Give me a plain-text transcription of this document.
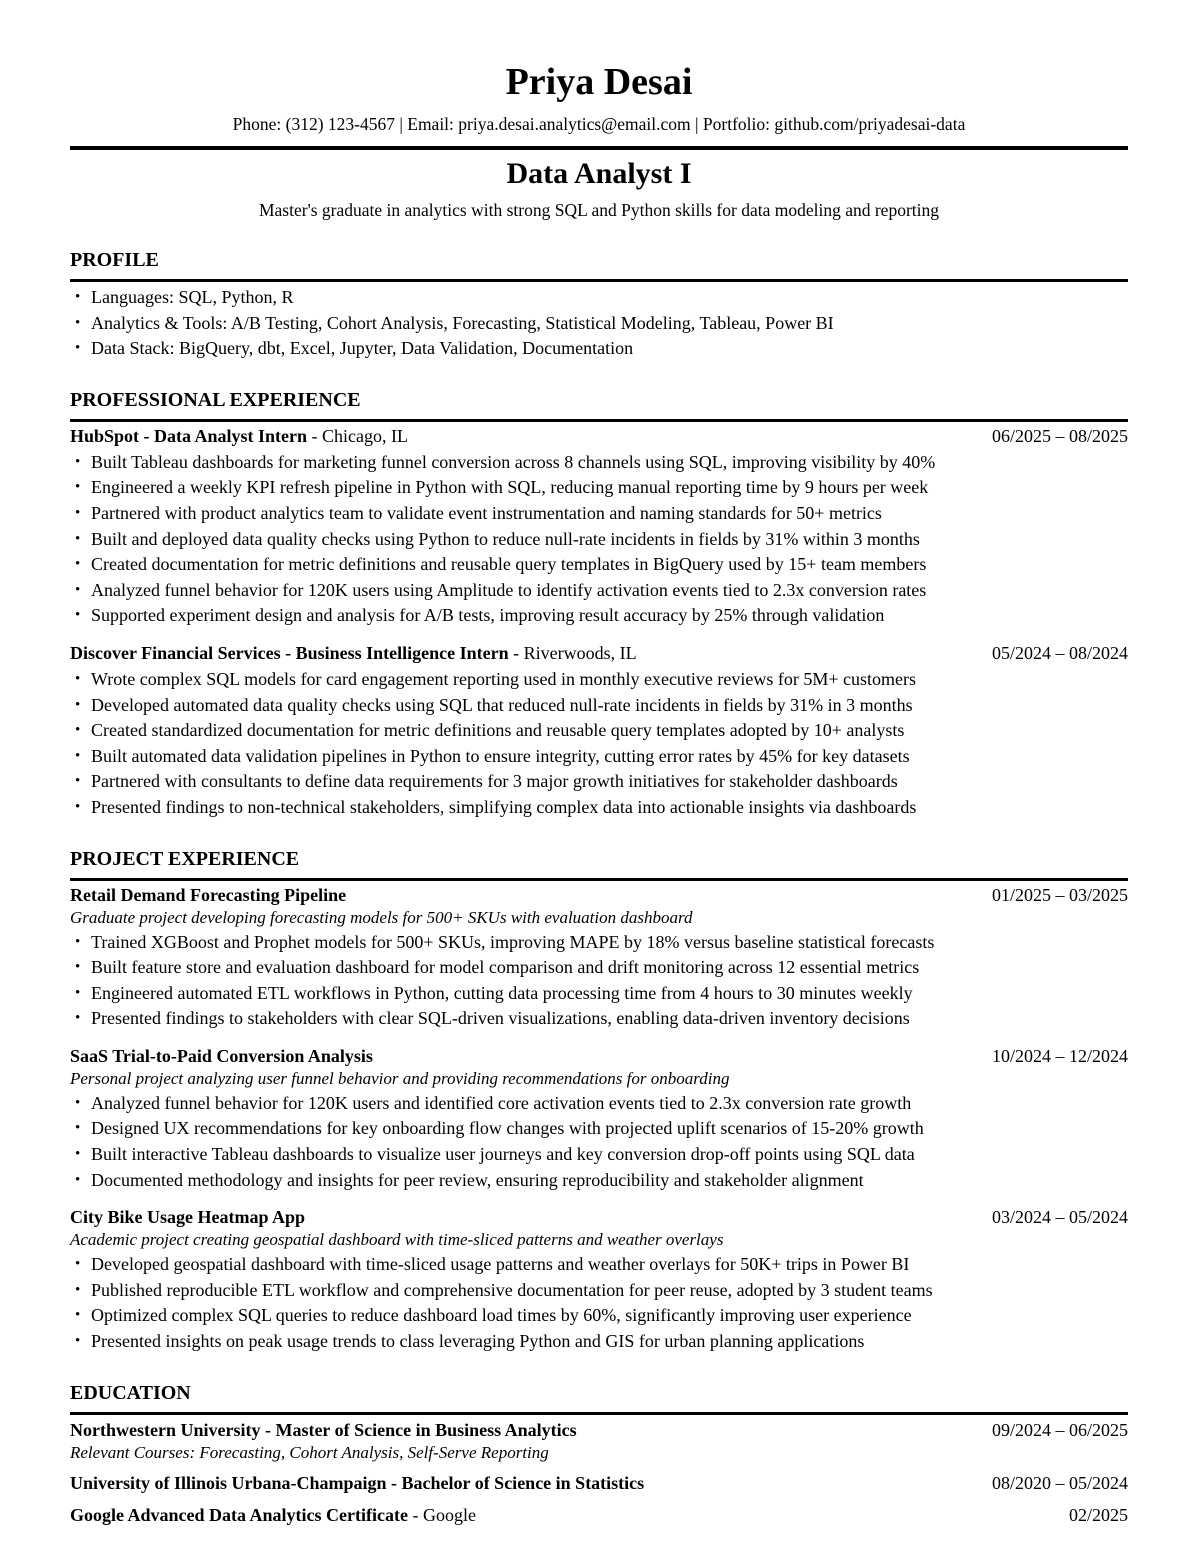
Priya Desai
Phone: (312) 123-4567 | Email: priya.desai.analytics@email.com | Portfolio: github.com/priyadesai-data
Data Analyst I
Master's graduate in analytics with strong SQL and Python skills for data modeling and reporting
PROFILE
• Languages: SQL, Python, R
• Analytics & Tools: A/B Testing, Cohort Analysis, Forecasting, Statistical Modeling, Tableau, Power BI
• Data Stack: BigQuery, dbt, Excel, Jupyter, Data Validation, Documentation
PROFESSIONAL EXPERIENCE
HubSpot - Data Analyst Intern - Chicago, IL	06/2025 – 08/2025
• Built Tableau dashboards for marketing funnel conversion across 8 channels using SQL, improving visibility by 40%
• Engineered a weekly KPI refresh pipeline in Python with SQL, reducing manual reporting time by 9 hours per week
• Partnered with product analytics team to validate event instrumentation and naming standards for 50+ metrics
• Built and deployed data quality checks using Python to reduce null-rate incidents in fields by 31% within 3 months
• Created documentation for metric definitions and reusable query templates in BigQuery used by 15+ team members
• Analyzed funnel behavior for 120K users using Amplitude to identify activation events tied to 2.3x conversion rates
• Supported experiment design and analysis for A/B tests, improving result accuracy by 25% through validation
Discover Financial Services - Business Intelligence Intern - Riverwoods, IL	05/2024 – 08/2024
• Wrote complex SQL models for card engagement reporting used in monthly executive reviews for 5M+ customers
• Developed automated data quality checks using SQL that reduced null-rate incidents in fields by 31% in 3 months
• Created standardized documentation for metric definitions and reusable query templates adopted by 10+ analysts
• Built automated data validation pipelines in Python to ensure integrity, cutting error rates by 45% for key datasets
• Partnered with consultants to define data requirements for 3 major growth initiatives for stakeholder dashboards
• Presented findings to non-technical stakeholders, simplifying complex data into actionable insights via dashboards
PROJECT EXPERIENCE
Retail Demand Forecasting Pipeline	01/2025 – 03/2025
Graduate project developing forecasting models for 500+ SKUs with evaluation dashboard
• Trained XGBoost and Prophet models for 500+ SKUs, improving MAPE by 18% versus baseline statistical forecasts
• Built feature store and evaluation dashboard for model comparison and drift monitoring across 12 essential metrics
• Engineered automated ETL workflows in Python, cutting data processing time from 4 hours to 30 minutes weekly
• Presented findings to stakeholders with clear SQL-driven visualizations, enabling data-driven inventory decisions
SaaS Trial-to-Paid Conversion Analysis	10/2024 – 12/2024
Personal project analyzing user funnel behavior and providing recommendations for onboarding
• Analyzed funnel behavior for 120K users and identified core activation events tied to 2.3x conversion rate growth
• Designed UX recommendations for key onboarding flow changes with projected uplift scenarios of 15-20% growth
• Built interactive Tableau dashboards to visualize user journeys and key conversion drop-off points using SQL data
• Documented methodology and insights for peer review, ensuring reproducibility and stakeholder alignment
City Bike Usage Heatmap App	03/2024 – 05/2024
Academic project creating geospatial dashboard with time-sliced patterns and weather overlays
• Developed geospatial dashboard with time-sliced usage patterns and weather overlays for 50K+ trips in Power BI
• Published reproducible ETL workflow and comprehensive documentation for peer reuse, adopted by 3 student teams
• Optimized complex SQL queries to reduce dashboard load times by 60%, significantly improving user experience
• Presented insights on peak usage trends to class leveraging Python and GIS for urban planning applications
EDUCATION
Northwestern University - Master of Science in Business Analytics	09/2024 – 06/2025
Relevant Courses: Forecasting, Cohort Analysis, Self-Serve Reporting
University of Illinois Urbana-Champaign - Bachelor of Science in Statistics	08/2020 – 05/2024
Google Advanced Data Analytics Certificate - Google	02/2025
